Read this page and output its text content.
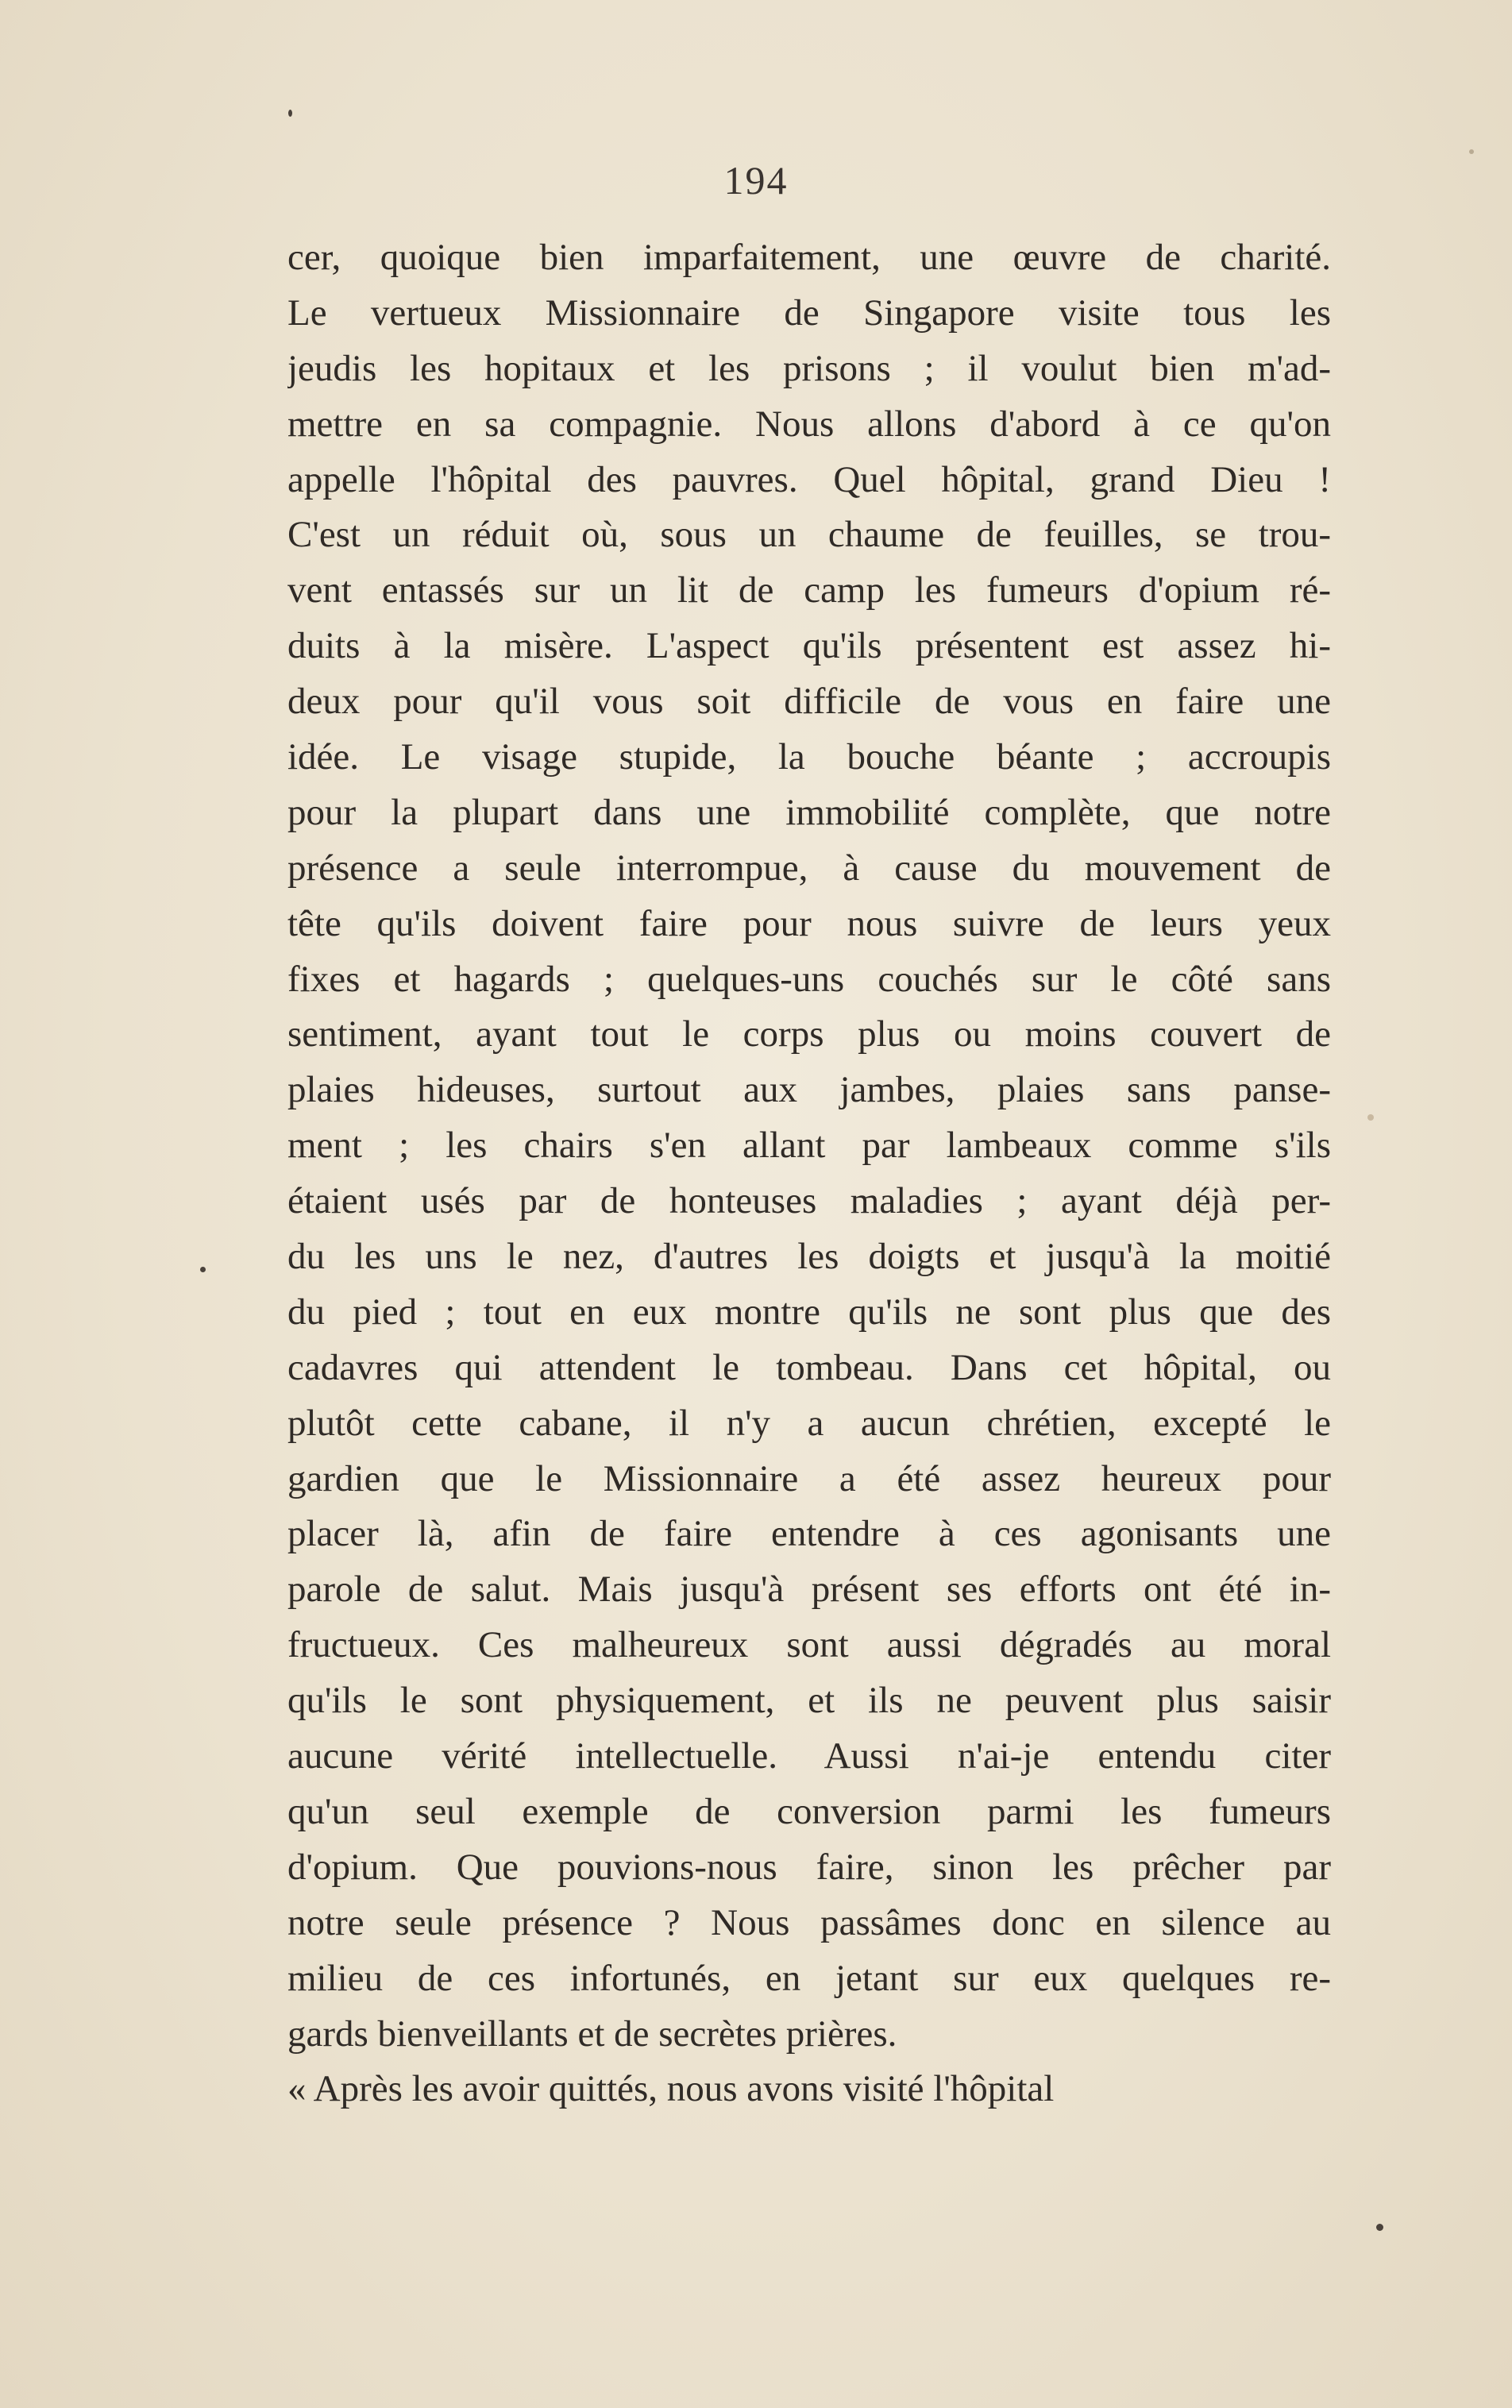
194
cer, quoique bien imparfaitement, une œuvre de charité.
Le vertueux Missionnaire de Singapore visite tous les
jeudis les hopitaux et les prisons ; il voulut bien m'ad-
mettre en sa compagnie. Nous allons d'abord à ce qu'on
appelle l'hôpital des pauvres. Quel hôpital, grand Dieu !
C'est un réduit où, sous un chaume de feuilles, se trou-
vent entassés sur un lit de camp les fumeurs d'opium ré-
duits à la misère. L'aspect qu'ils présentent est assez hi-
deux pour qu'il vous soit difficile de vous en faire une
idée. Le visage stupide, la bouche béante ; accroupis
pour la plupart dans une immobilité complète, que notre
présence a seule interrompue, à cause du mouvement de
tête qu'ils doivent faire pour nous suivre de leurs yeux
fixes et hagards ; quelques-uns couchés sur le côté sans
sentiment, ayant tout le corps plus ou moins couvert de
plaies hideuses, surtout aux jambes, plaies sans panse-
ment ; les chairs s'en allant par lambeaux comme s'ils
étaient usés par de honteuses maladies ; ayant déjà per-
du les uns le nez, d'autres les doigts et jusqu'à la moitié
du pied ; tout en eux montre qu'ils ne sont plus que des
cadavres qui attendent le tombeau. Dans cet hôpital, ou
plutôt cette cabane, il n'y a aucun chrétien, excepté le
gardien que le Missionnaire a été assez heureux pour
placer là, afin de faire entendre à ces agonisants une
parole de salut. Mais jusqu'à présent ses efforts ont été in-
fructueux. Ces malheureux sont aussi dégradés au moral
qu'ils le sont physiquement, et ils ne peuvent plus saisir
aucune vérité intellectuelle. Aussi n'ai-je entendu citer
qu'un seul exemple de conversion parmi les fumeurs
d'opium. Que pouvions-nous faire, sinon les prêcher par
notre seule présence ? Nous passâmes donc en silence au
milieu de ces infortunés, en jetant sur eux quelques re-
gards bienveillants et de secrètes prières.
« Après les avoir quittés, nous avons visité l'hôpital
